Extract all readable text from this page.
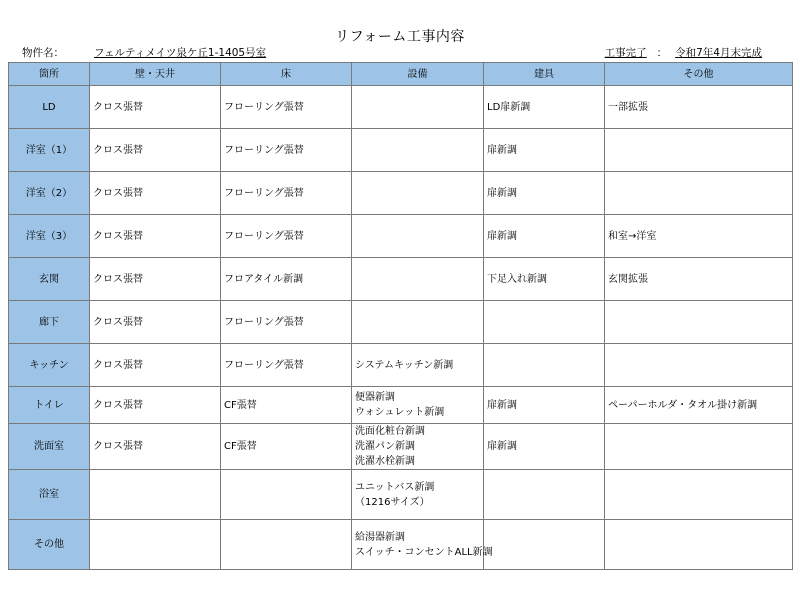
リフォーム工事内容
物件名：	フェルティメイツ泉ケ丘1-1405号室	工事完了 ： 令和7年4月末完成
箇所	壁・天井	床	設備	建具	その他
LD	クロス張替	フローリング張替		LD扉新調	一部拡張

洋室（1）	クロス張替	フローリング張替		扉新調	

洋室（2）	クロス張替	フローリング張替		扉新調	

洋室（3）	クロス張替	フローリング張替		扉新調	和室→洋室

玄関	クロス張替	フロアタイル新調		下足入れ新調	玄関拡張

廊下	クロス張替	フローリング張替			

キッチン	クロス張替	フローリング張替	システムキッチン新調		

トイレ	クロス張替	CF張替	便器新調
ウォシュレット新調	扉新調	ペーパーホルダ・タオル掛け新調

洗面室	クロス張替	CF張替	洗面化粧台新調
洗濯パン新調
洗濯水栓新調	扉新調	

浴室			ユニットバス新調
（1216サイズ）		

その他			給湯器新調
スイッチ・コンセントALL新調		
